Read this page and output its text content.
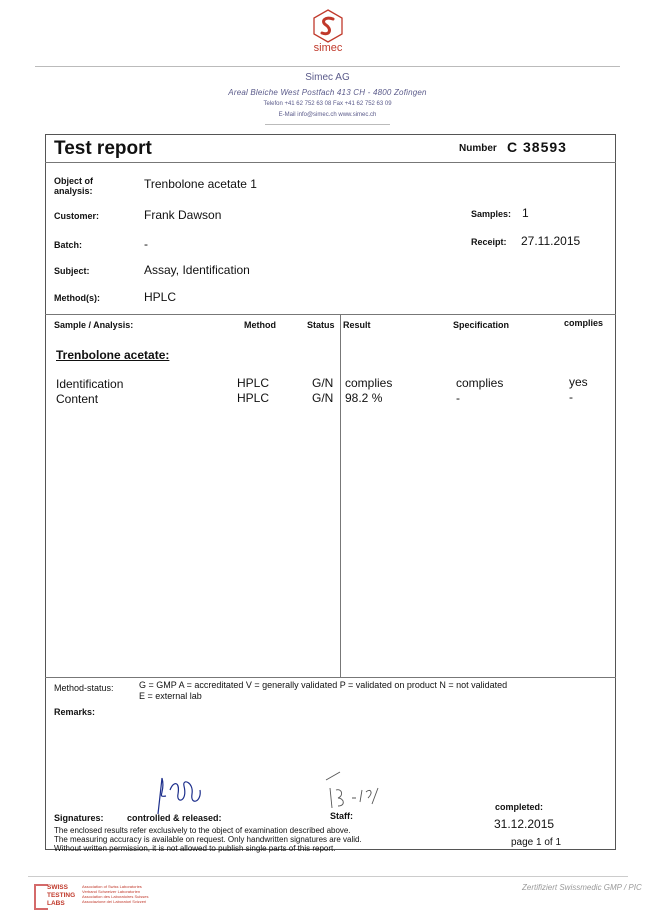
simec
Simec AG
Areal Bleiche West Postfach 413 CH - 4800 Zofingen
Telefon +41 62 752 63 08 Fax +41 62 752 63 09
E-Mail info@simec.ch www.simec.ch
Test report	Number C 38593
Object of analysis:	Trenbolone acetate 1
Customer:	Frank Dawson
Batch:	-
Subject:	Assay, Identification
Method(s):	HPLC
Samples: 1
Receipt: 27.11.2015
Sample / Analysis:	Method	Status Result	Specification	complies
Trenbolone acetate:
Identification	HPLC	G/N complies	complies	yes
Content	HPLC	G/N 98.2 %	-	-
Method-status:	G = GMP A = accreditated V = generally validated P = validated on product N = not validated
E = external lab
Remarks:
Signatures:	controlled & released:	Staff:
completed:
31.12.2015
page 1 of 1
The enclosed results refer exclusively to the object of examination described above.
The measuring accuracy is available on request. Only handwritten signatures are valid.
Without written permission, it is not allowed to publish single parts of this report.
SWISS
TESTING
LABS
Association of Swiss Laboratories
Verband Schweizer Laboratorien
Association des Laboratoires Suisses
Associazione dei Laboratori Svizzeri
Zertifiziert Swissmedic GMP / PIC
